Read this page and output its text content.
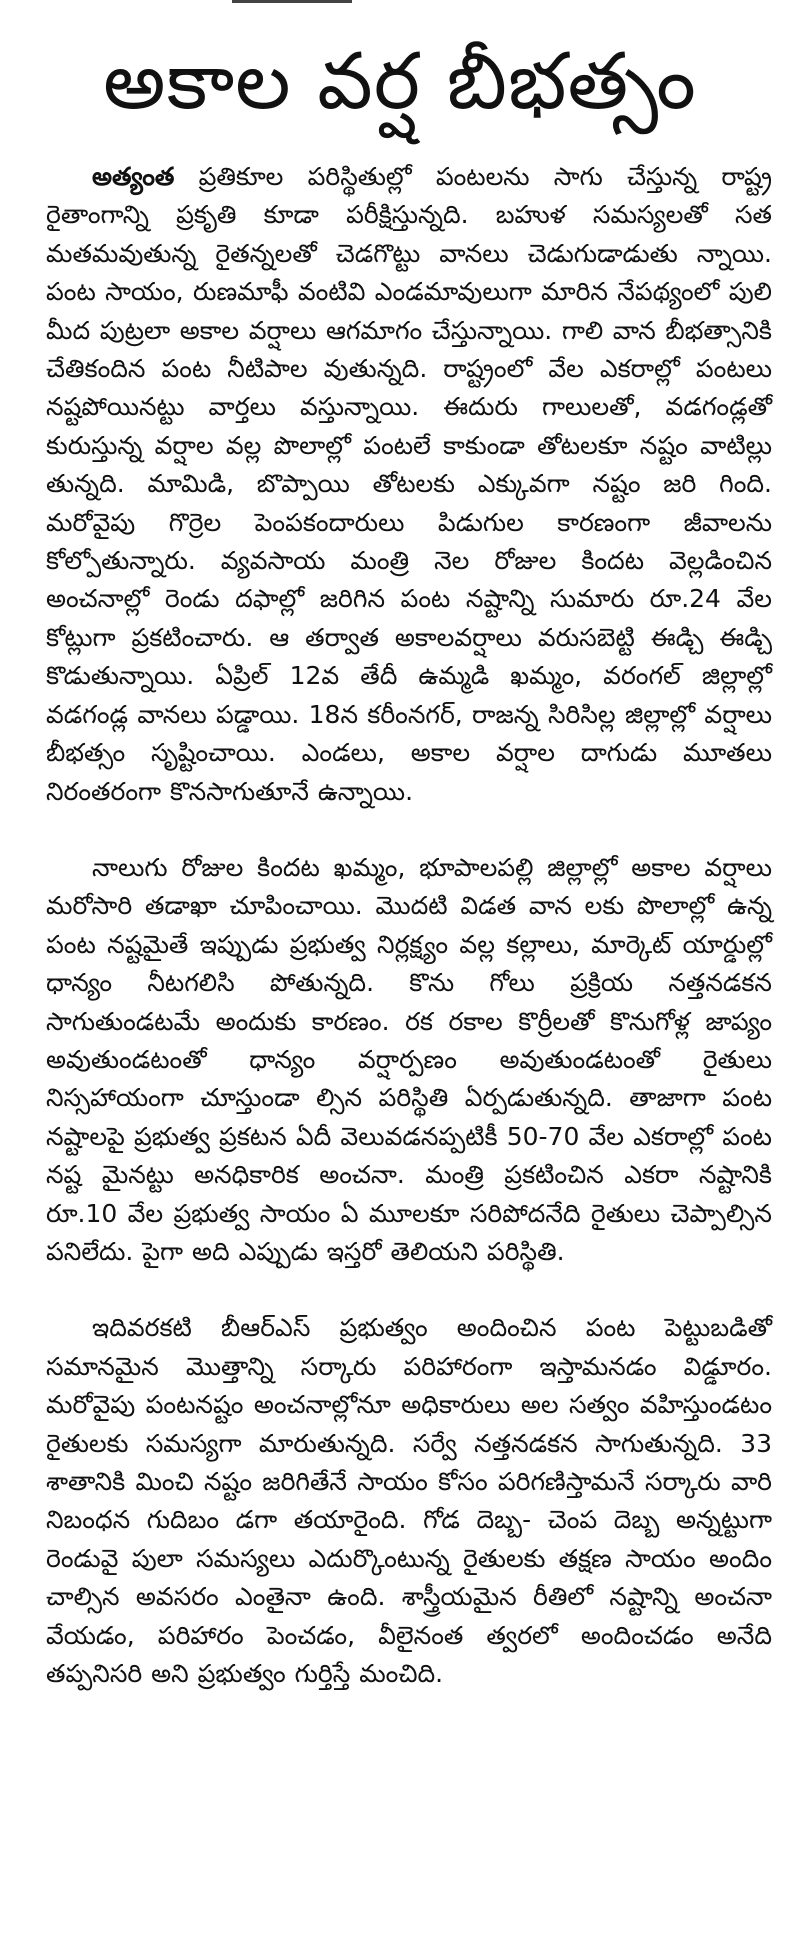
అకాల వర్ష బీభత్సం

అత్యంత ప్రతికూల పరిస్థితుల్లో పంటలను సాగు చేస్తున్న రాష్ట్ర రైతాంగాన్ని ప్రకృతి కూడా పరీక్షిస్తున్నది. బహుళ సమస్యలతో సత మతమవుతున్న రైతన్నలతో చెడగొట్టు వానలు చెడుగుడాడుతు న్నాయి. పంట సాయం, రుణమాఫీ వంటివి ఎండమావులుగా మారిన నేపథ్యంలో పులి మీద పుట్రలా అకాల వర్షాలు ఆగమాగం చేస్తున్నాయి. గాలి వాన బీభత్సానికి చేతికందిన పంట నీటిపాల వుతున్నది. రాష్ట్రంలో వేల ఎకరాల్లో పంటలు నష్టపోయినట్టు వార్తలు వస్తున్నాయి. ఈదురు గాలులతో, వడగండ్లతో కురుస్తున్న వర్షాల వల్ల పొలాల్లో పంటలే కాకుండా తోటలకూ నష్టం వాటిల్లు తున్నది. మామిడి, బొప్పాయి తోటలకు ఎక్కువగా నష్టం జరి గింది. మరోవైపు గొర్రెల పెంపకందారులు పిడుగుల కారణంగా జీవాలను కోల్పోతున్నారు. వ్యవసాయ మంత్రి నెల రోజుల కిందట వెల్లడించిన అంచనాల్లో రెండు దఫాల్లో జరిగిన పంట నష్టాన్ని సుమారు రూ.24 వేల కోట్లుగా ప్రకటించారు. ఆ తర్వాత అకాలవర్షాలు వరుసబెట్టి ఈడ్చి ఈడ్చి కొడుతున్నాయి. ఏప్రిల్ 12వ తేదీ ఉమ్మడి ఖమ్మం, వరంగల్ జిల్లాల్లో వడగండ్ల వానలు పడ్డాయి. 18న కరీంనగర్, రాజన్న సిరిసిల్ల జిల్లాల్లో వర్షాలు బీభత్సం సృష్టించాయి. ఎండలు, అకాల వర్షాల దాగుడు మూతలు నిరంతరంగా కొనసాగుతూనే ఉన్నాయి.

నాలుగు రోజుల కిందట ఖమ్మం, భూపాలపల్లి జిల్లాల్లో అకాల వర్షాలు మరోసారి తడాఖా చూపించాయి. మొదటి విడత వాన లకు పొలాల్లో ఉన్న పంట నష్టమైతే ఇప్పుడు ప్రభుత్వ నిర్లక్ష్యం వల్ల కల్లాలు, మార్కెట్ యార్డుల్లో ధాన్యం నీటగలిసి పోతున్నది. కొను గోలు ప్రక్రియ నత్తనడకన సాగుతుండటమే అందుకు కారణం. రక రకాల కొర్రీలతో కొనుగోళ్ల జాప్యం అవుతుండటంతో ధాన్యం వర్షార్పణం అవుతుండటంతో రైతులు నిస్సహాయంగా చూస్తుండా ల్సిన పరిస్థితి ఏర్పడుతున్నది. తాజాగా పంట నష్టాలపై ప్రభుత్వ ప్రకటన ఏదీ వెలువడనప్పటికీ 50-70 వేల ఎకరాల్లో పంట నష్ట మైనట్టు అనధికారిక అంచనా. మంత్రి ప్రకటించిన ఎకరా నష్టానికి రూ.10 వేల ప్రభుత్వ సాయం ఏ మూలకూ సరిపోదనేది రైతులు చెప్పాల్సిన పనిలేదు. పైగా అది ఎప్పుడు ఇస్తరో తెలియని పరిస్థితి.

ఇదివరకటి బీఆర్ఎస్ ప్రభుత్వం అందించిన పంట పెట్టుబడితో సమానమైన మొత్తాన్ని సర్కారు పరిహారంగా ఇస్తామనడం విడ్డూరం. మరోవైపు పంటనష్టం అంచనాల్లోనూ అధికారులు అల సత్వం వహిస్తుండటం రైతులకు సమస్యగా మారుతున్నది. సర్వే నత్తనడకన సాగుతున్నది. 33 శాతానికి మించి నష్టం జరిగితేనే సాయం కోసం పరిగణిస్తామనే సర్కారు వారి నిబంధన గుదిబం డగా తయారైంది. గోడ దెబ్బ- చెంప దెబ్బ అన్నట్టుగా రెండువై పులా సమస్యలు ఎదుర్కొంటున్న రైతులకు తక్షణ సాయం అందిం చాల్సిన అవసరం ఎంతైనా ఉంది. శాస్త్రీయమైన రీతిలో నష్టాన్ని అంచనా వేయడం, పరిహారం పెంచడం, వీలైనంత త్వరలో అందించడం అనేది తప్పనిసరి అని ప్రభుత్వం గుర్తిస్తే మంచిది.
